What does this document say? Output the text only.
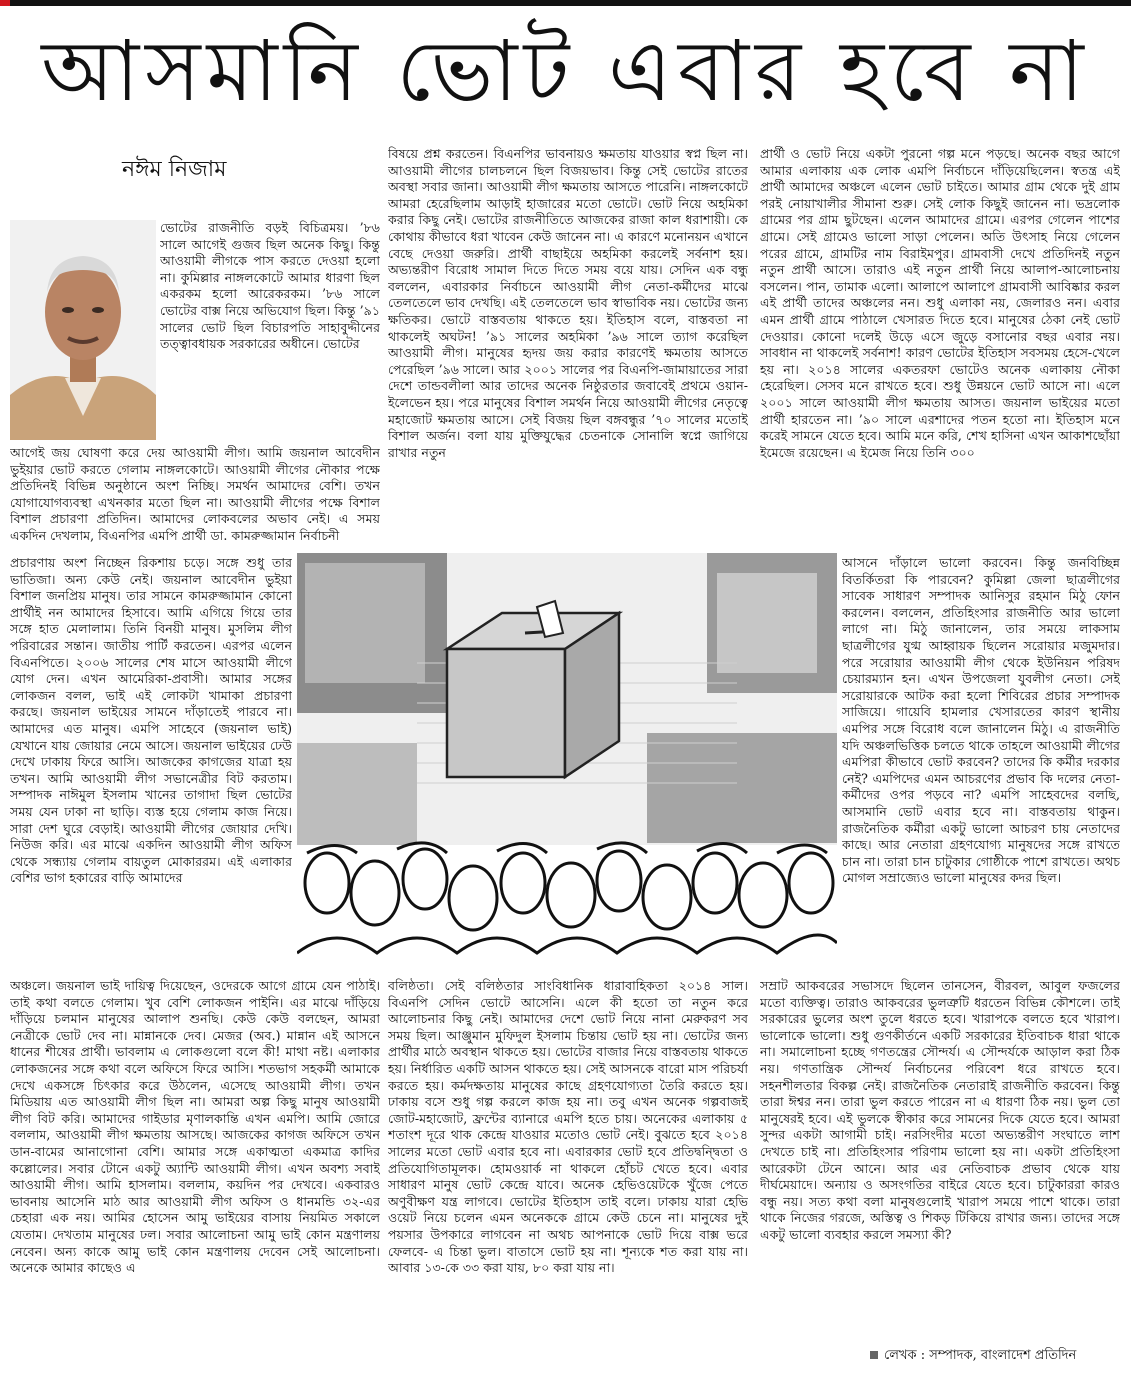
আসমানি ভোট এবার হবে না
নঈম নিজাম

ভোটের রাজনীতি বড়ই বিচিত্রময়। ’৮৬ সালে আগেই গুজব ছিল অনেক কিছু। কিন্তু আওয়ামী লীগকে পাস করতে দেওয়া হলো না। কুমিল্লার নাঙ্গলকোটে আমার ধারণা ছিল একরকম হলো আরেকরকম। ’৮৬ সালে ভোটের বাক্স নিয়ে অভিযোগ ছিল। কিন্তু ’৯১ সালের ভোট ছিল বিচারপতি সাহাবুদ্দীনের তত্ত্বাবধায়ক সরকারের অধীনে। ভোটের

আগেই জয় ঘোষণা করে দেয় আওয়ামী লীগ। আমি জয়নাল আবেদীন ভুইয়ার ভোট করতে গেলাম নাঙ্গলকোটে। আওয়ামী লীগের নৌকার পক্ষে প্রতিদিনই বিভিন্ন অনুষ্ঠানে অংশ নিচ্ছি। সমর্থন আমাদের বেশি। তখন যোগাযোগব্যবস্থা এখনকার মতো ছিল না। আওয়ামী লীগের পক্ষে বিশাল বিশাল প্রচারণা প্রতিদিন। আমাদের লোকবলের অভাব নেই। এ সময় একদিন দেখলাম, বিএনপির এমপি প্রার্থী ডা. কামরুজ্জামান নির্বাচনী

প্রচারণায় অংশ নিচ্ছেন রিকশায় চড়ে। সঙ্গে শুধু তার ভাতিজা। অন্য কেউ নেই। জয়নাল আবেদীন ভুইয়া বিশাল জনপ্রিয় মানুষ। তার সামনে কামরুজ্জামান কোনো প্রার্থীই নন আমাদের হিসাবে। আমি এগিয়ে গিয়ে তার সঙ্গে হাত মেলালাম। তিনি বিনয়ী মানুষ। মুসলিম লীগ পরিবারের সন্তান। জাতীয় পার্টি করতেন। এরপর এলেন বিএনপিতে। ২০০৬ সালের শেষ মাসে আওয়ামী লীগে যোগ দেন। এখন আমেরিকা-প্রবাসী। আমার সঙ্গের লোকজন বলল, ভাই এই লোকটা খামাকা প্রচারণা করছে। জয়নাল ভাইয়ের সামনে দাঁড়াতেই পারবে না। আমাদের এত মানুষ। এমপি সাহেবে (জয়নাল ভাই) যেখানে যায় জোয়ার নেমে আসে। জয়নাল ভাইয়ের ঢেউ দেখে ঢাকায় ফিরে আসি। আজকের কাগজের যাত্রা হয় তখন। আমি আওয়ামী লীগ সভানেত্রীর বিট করতাম। সম্পাদক নাঈমুল ইসলাম খানের তাগাদা ছিল ভোটের সময় যেন ঢাকা না ছাড়ি। ব্যস্ত হয়ে গেলাম কাজ নিয়ে। সারা দেশ ঘুরে বেড়াই। আওয়ামী লীগের জোয়ার দেখি। নিউজ করি। এর মাঝে একদিন আওয়ামী লীগ অফিস থেকে সন্ধ্যায় গেলাম বায়তুল মোকাররম। এই এলাকার বেশির ভাগ হকারের বাড়ি আমাদের

অঞ্চলে। জয়নাল ভাই দায়িত্ব দিয়েছেন, ওদেরকে আগে গ্রামে যেন পাঠাই। তাই কথা বলতে গেলাম। খুব বেশি লোকজন পাইনি। এর মাঝে দাঁড়িয়ে দাঁড়িয়ে চলমান মানুষের আলাপ শুনছি। কেউ কেউ বলছেন, আমরা নেত্রীকে ভোট দেব না। মান্নানকে দেব। মেজর (অব.) মান্নান এই আসনে ধানের শীষের প্রার্থী। ভাবলাম এ লোকগুলো বলে কী! মাথা নষ্ট। এলাকার লোকজনের সঙ্গে কথা বলে অফিসে ফিরে আসি। শতভাগ সহকর্মী আমাকে দেখে একসঙ্গে চিৎকার করে উঠলেন, এসেছে আওয়ামী লীগ। তখন মিডিয়ায় এত আওয়ামী লীগ ছিল না। আমরা অল্প কিছু মানুষ আওয়ামী লীগ বিট করি। আমাদের গাইডার মৃণালকান্তি এখন এমপি। আমি জোরে বললাম, আওয়ামী লীগ ক্ষমতায় আসছে। আজকের কাগজ অফিসে তখন ডান-বামের আনাগোনা বেশি। আমার সঙ্গে একাত্মতা একমাত্র কাদির কল্লোলের। সবার টোনে একটু অ্যান্টি আওয়ামী লীগ। এখন অবশ্য সবাই আওয়ামী লীগ। আমি হাসলাম। বললাম, কয়দিন পর দেখবে। একবারও ভাবনায় আসেনি মাঠ আর আওয়ামী লীগ অফিস ও ধানমন্ডি ৩২-এর চেহারা এক নয়। আমির হোসেন আমু ভাইয়ের বাসায় নিয়মিত সকালে যেতাম। দেখতাম মানুষের ঢল। সবার আলোচনা আমু ভাই কোন মন্ত্রণালয় নেবেন। অন্য কাকে আমু ভাই কোন মন্ত্রণালয় দেবেন সেই আলোচনা। অনেকে আমার কাছেও এ

বিষয়ে প্রশ্ন করতেন। বিএনপির ভাবনায়ও ক্ষমতায় যাওয়ার স্বপ্ন ছিল না। আওয়ামী লীগের চালচলনে ছিল বিজয়ভাব। কিন্তু সেই ভোটের রাতের অবস্থা সবার জানা। আওয়ামী লীগ ক্ষমতায় আসতে পারেনি। নাঙ্গলকোটে আমরা হেরেছিলাম আড়াই হাজারের মতো ভোটে। ভোট নিয়ে অহমিকা করার কিছু নেই। ভোটের রাজনীতিতে আজকের রাজা কাল ধরাশায়ী। কে কোথায় কীভাবে ধরা খাবেন কেউ জানেন না। এ কারণে মনোনয়ন এখানে বেছে দেওয়া জরুরি। প্রার্থী বাছাইয়ে অহমিকা করলেই সর্বনাশ হয়। অভ্যন্তরীণ বিরোধ সামাল দিতে দিতে সময় বয়ে যায়। সেদিন এক বন্ধু বললেন, এবারকার নির্বাচনে আওয়ামী লীগ নেতা-কর্মীদের মাঝে তেলতেলে ভাব দেখছি। এই তেলতেলে ভাব স্বাভাবিক নয়। ভোটের জন্য ক্ষতিকর। ভোটে বাস্তবতায় থাকতে হয়। ইতিহাস বলে, বাস্তবতা না থাকলেই অঘটন! ’৯১ সালের অহমিকা ’৯৬ সালে ত্যাগ করেছিল আওয়ামী লীগ। মানুষের হৃদয় জয় করার কারণেই ক্ষমতায় আসতে পেরেছিল ’৯৬ সালে। আর ২০০১ সালের পর বিএনপি-জামায়াতের সারা দেশে তান্ডবলীলা আর তাদের অনেক নিষ্ঠুরতার জবাবেই প্রথমে ওয়ান-ইলেভেন হয়। পরে মানুষের বিশাল সমর্থন নিয়ে আওয়ামী লীগের নেতৃত্বে মহাজোট ক্ষমতায় আসে। সেই বিজয় ছিল বঙ্গবন্ধুর ’৭০ সালের মতোই বিশাল অর্জন। বলা যায় মুক্তিযুদ্ধের চেতনাকে সোনালি স্বপ্নে জাগিয়ে রাখার নতুন

বলিষ্ঠতা। সেই বলিষ্ঠতার সাংবিধানিক ধারাবাহিকতা ২০১৪ সাল। বিএনপি সেদিন ভোটে আসেনি। এলে কী হতো তা নতুন করে আলোচনার কিছু নেই। আমাদের দেশে ভোট নিয়ে নানা মেরুকরণ সব সময় ছিল। আঞ্জুমান মুফিদুল ইসলাম চিন্তায় ভোট হয় না। ভোটের জন্য প্রার্থীর মাঠে অবস্থান থাকতে হয়। ভোটের বাজার নিয়ে বাস্তবতায় থাকতে হয়। নির্ধারিত একটি আসন থাকতে হয়। সেই আসনকে বারো মাস পরিচর্যা করতে হয়। কর্মদক্ষতায় মানুষের কাছে গ্রহণযোগ্যতা তৈরি করতে হয়। ঢাকায় বসে শুধু গল্প করলে কাজ হয় না। তবু এখন অনেক গল্পবাজই জোট-মহাজোট, ফ্রন্টের ব্যানারে এমপি হতে চায়। অনেকের এলাকায় ৫ শতাংশ দূরে থাক কেন্দ্রে যাওয়ার মতোও ভোট নেই। বুঝতে হবে ২০১৪ সালের মতো ভোট এবার হবে না। এবারকার ভোট হবে প্রতিদ্বন্দ্বিতা ও প্রতিযোগিতামূলক। হোমওয়ার্ক না থাকলে হোঁচট খেতে হবে। এবার সাধারণ মানুষ ভোট কেন্দ্রে যাবে। অনেক হেভিওয়েটকে খুঁজে পেতে অণুবীক্ষণ যন্ত্র লাগবে। ভোটের ইতিহাস তাই বলে। ঢাকায় যারা হেভি ওয়েট নিয়ে চলেন এমন অনেককে গ্রামে কেউ চেনে না। মানুষের দুই পয়সার উপকারে লাগবেন না অথচ আপনাকে ভোট দিয়ে বাক্স ভরে ফেলবে- এ চিন্তা ভুল। বাতাসে ভোট হয় না। শূন্যকে শত করা যায় না। আবার ১৩-কে ৩৩ করা যায়, ৮০ করা যায় না।

প্রার্থী ও ভোট নিয়ে একটা পুরনো গল্প মনে পড়ছে। অনেক বছর আগে আমার এলাকায় এক লোক এমপি নির্বাচনে দাঁড়িয়েছিলেন। স্বতন্ত্র এই প্রার্থী আমাদের অঞ্চলে এলেন ভোট চাইতে। আমার গ্রাম থেকে দুই গ্রাম পরই নোয়াখালীর সীমানা শুরু। সেই লোক কিছুই জানেন না। ভদ্রলোক গ্রামের পর গ্রাম ছুটছেন। এলেন আমাদের গ্রামে। এরপর গেলেন পাশের গ্রামে। সেই গ্রামেও ভালো সাড়া পেলেন। অতি উৎসাহ নিয়ে গেলেন পরের গ্রামে, গ্রামটির নাম বিরাইমপুর। গ্রামবাসী দেখে প্রতিদিনই নতুন নতুন প্রার্থী আসে। তারাও এই নতুন প্রার্থী নিয়ে আলাপ-আলোচনায় বসলেন। পান, তামাক এলো। আলাপে আলাপে গ্রামবাসী আবিষ্কার করল এই প্রার্থী তাদের অঞ্চলের নন। শুধু এলাকা নয়, জেলারও নন। এবার এমন প্রার্থী গ্রামে পাঠালে খেসারত দিতে হবে। মানুষের ঠেকা নেই ভোট দেওয়ার। কোনো দলেই উড়ে এসে জুড়ে বসানোর বছর এবার নয়। সাবধান না থাকলেই সর্বনাশ! কারণ ভোটের ইতিহাস সবসময় হেসে-খেলে হয় না। ২০১৪ সালের একতরফা ভোটেও অনেক এলাকায় নৌকা হেরেছিল। সেসব মনে রাখতে হবে। শুধু উন্নয়নে ভোট আসে না। এলে ২০০১ সালে আওয়ামী লীগ ক্ষমতায় আসত। জয়নাল ভাইয়ের মতো প্রার্থী হারতেন না। ’৯০ সালে এরশাদের পতন হতো না। ইতিহাস মনে করেই সামনে যেতে হবে। আমি মনে করি, শেখ হাসিনা এখন আকাশছোঁয়া ইমেজে রয়েছেন। এ ইমেজ নিয়ে তিনি ৩০০

আসনে দাঁড়ালে ভালো করবেন। কিন্তু জনবিচ্ছিন্ন বিতর্কিতরা কি পারবেন? কুমিল্লা জেলা ছাত্রলীগের সাবেক সাধারণ সম্পাদক আনিসুর রহমান মিঠু ফোন করলেন। বললেন, প্রতিহিংসার রাজনীতি আর ভালো লাগে না। মিঠু জানালেন, তার সময়ে লাকসাম ছাত্রলীগের যুগ্ম আহ্বায়ক ছিলেন সরোয়ার মজুমদার। পরে সরোয়ার আওয়ামী লীগ থেকে ইউনিয়ন পরিষদ চেয়ারম্যান হন। এখন উপজেলা যুবলীগ নেতা। সেই সরোয়ারকে আটক করা হলো শিবিরের প্রচার সম্পাদক সাজিয়ে। গায়েবি হামলার খেসারতের কারণ স্থানীয় এমপির সঙ্গে বিরোধ বলে জানালেন মিঠু। এ রাজনীতি যদি অঞ্চলভিত্তিক চলতে থাকে তাহলে আওয়ামী লীগের এমপিরা কীভাবে ভোট করবেন? তাদের কি কর্মীর দরকার নেই? এমপিদের এমন আচরণের প্রভাব কি দলের নেতা-কর্মীদের ওপর পড়বে না? এমপি সাহেবদের বলছি, আসমানি ভোট এবার হবে না। বাস্তবতায় থাকুন। রাজনৈতিক কর্মীরা একটু ভালো আচরণ চায় নেতাদের কাছে। আর নেতারা গ্রহণযোগ্য মানুষদের সঙ্গে রাখতে চান না। তারা চান চাটুকার গোষ্ঠীকে পাশে রাখতে। অথচ মোগল সম্রাজ্যেও ভালো মানুষের কদর ছিল।

সম্রাট আকবরের সভাসদে ছিলেন তানসেন, বীরবল, আবুল ফজলের মতো ব্যক্তিত্ব। তারাও আকবরের ভুলত্রুটি ধরতেন বিভিন্ন কৌশলে। তাই সরকারের ভুলের অংশ তুলে ধরতে হবে। খারাপকে বলতে হবে খারাপ। ভালোকে ভালো। শুধু গুণকীর্তনে একটি সরকারের ইতিবাচক ধারা থাকে না। সমালোচনা হচ্ছে গণতন্ত্রের সৌন্দর্য। এ সৌন্দর্যকে আড়াল করা ঠিক নয়। গণতান্ত্রিক সৌন্দর্য নির্বাচনের পরিবেশ ধরে রাখতে হবে। সহনশীলতার বিকল্প নেই। রাজনৈতিক নেতারাই রাজনীতি করবেন। কিন্তু তারা ঈশ্বর নন। তারা ভুল করতে পারেন না এ ধারণা ঠিক নয়। ভুল তো মানুষেরই হবে। এই ভুলকে স্বীকার করে সামনের দিকে যেতে হবে। আমরা সুন্দর একটা আগামী চাই। নরসিংদীর মতো অভ্যন্তরীণ সংঘাতে লাশ দেখতে চাই না। প্রতিহিংসার পরিণাম ভালো হয় না। একটা প্রতিহিংসা আরেকটা টেনে আনে। আর এর নেতিবাচক প্রভাব থেকে যায় দীর্ঘমেয়াদে। অন্যায় ও অসংগতির বাইরে যেতে হবে। চাটুকাররা কারও বন্ধু নয়। সত্য কথা বলা মানুষগুলোই খারাপ সময়ে পাশে থাকে। তারা থাকে নিজের গরজে, অস্তিত্ব ও শিকড় টিকিয়ে রাখার জন্য। তাদের সঙ্গে একটু ভালো ব্যবহার করলে সমস্যা কী?

লেখক : সম্পাদক, বাংলাদেশ প্রতিদিন
